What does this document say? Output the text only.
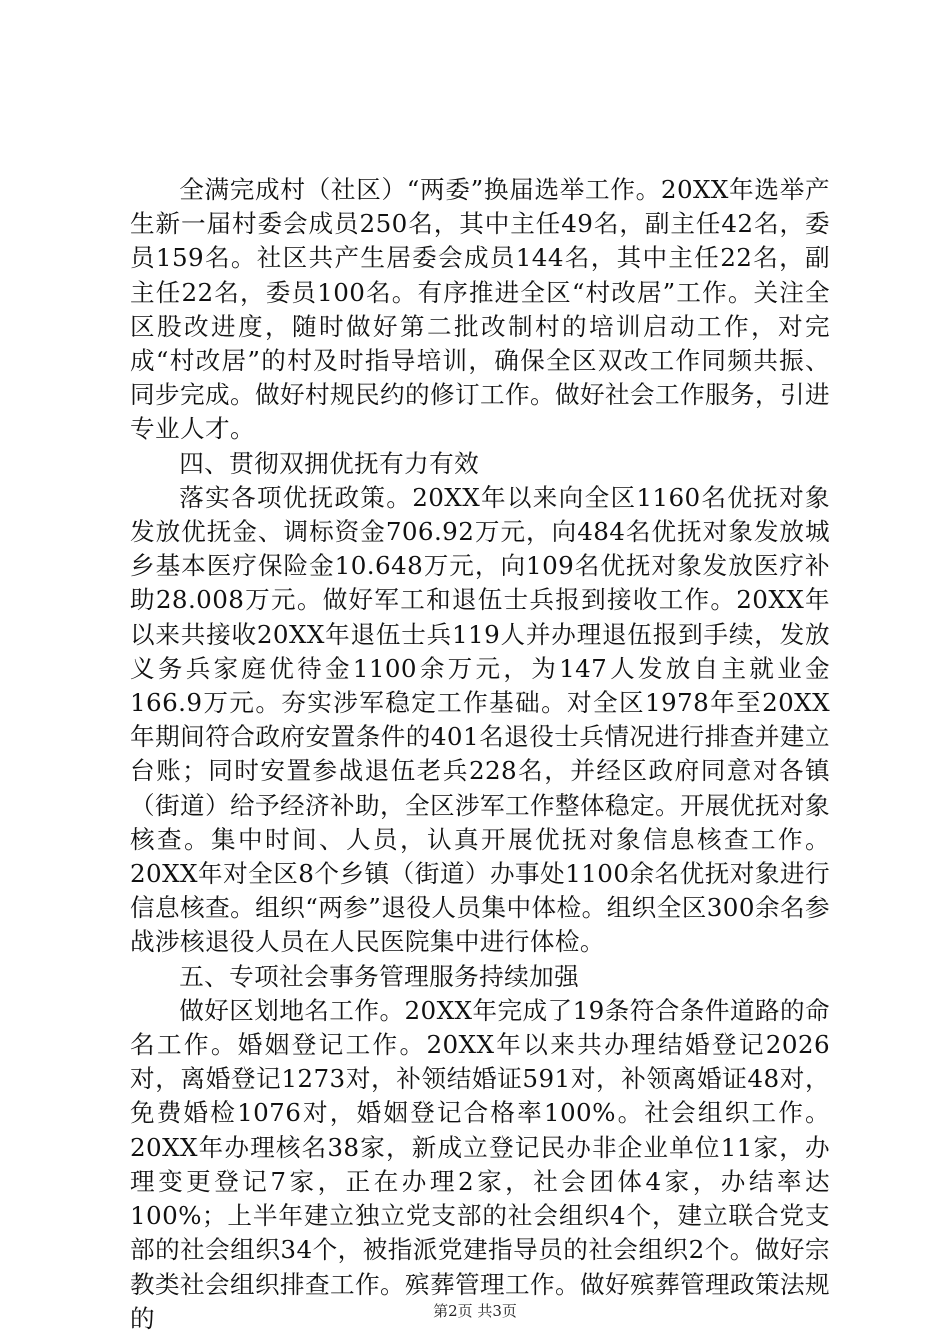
全满完成村（社区）“两委”换届选举工作。20XX年选举产生新一届村委会成员250名，其中主任49名，副主任42名，委员159名。社区共产生居委会成员144名，其中主任22名，副主任22名，委员100名。有序推进全区“村改居”工作。关注全区股改进度，随时做好第二批改制村的培训启动工作，对完成“村改居”的村及时指导培训，确保全区双改工作同频共振、同步完成。做好村规民约的修订工作。做好社会工作服务，引进专业人才。

四、贯彻双拥优抚有力有效

落实各项优抚政策。20XX年以来向全区1160名优抚对象发放优抚金、调标资金706.92万元，向484名优抚对象发放城乡基本医疗保险金10.648万元，向109名优抚对象发放医疗补助28.008万元。做好军工和退伍士兵报到接收工作。20XX年以来共接收20XX年退伍士兵119人并办理退伍报到手续，发放义务兵家庭优待金1100余万元，为147人发放自主就业金166.9万元。夯实涉军稳定工作基础。对全区1978年至20XX年期间符合政府安置条件的401名退役士兵情况进行排查并建立台账；同时安置参战退伍老兵228名，并经区政府同意对各镇（街道）给予经济补助，全区涉军工作整体稳定。开展优抚对象核查。集中时间、人员，认真开展优抚对象信息核查工作。20XX年对全区8个乡镇（街道）办事处1100余名优抚对象进行信息核查。组织“两参”退役人员集中体检。组织全区300余名参战涉核退役人员在人民医院集中进行体检。

五、专项社会事务管理服务持续加强

做好区划地名工作。20XX年完成了19条符合条件道路的命名工作。婚姻登记工作。20XX年以来共办理结婚登记2026对，离婚登记1273对，补领结婚证591对，补领离婚证48对，免费婚检1076对，婚姻登记合格率100%。社会组织工作。20XX年办理核名38家，新成立登记民办非企业单位11家，办理变更登记7家，正在办理2家，社会团体4家，办结率达100%；上半年建立独立党支部的社会组织4个，建立联合党支部的社会组织34个，被指派党建指导员的社会组织2个。做好宗教类社会组织排查工作。殡葬管理工作。做好殡葬管理政策法规的	第2页 共3页
